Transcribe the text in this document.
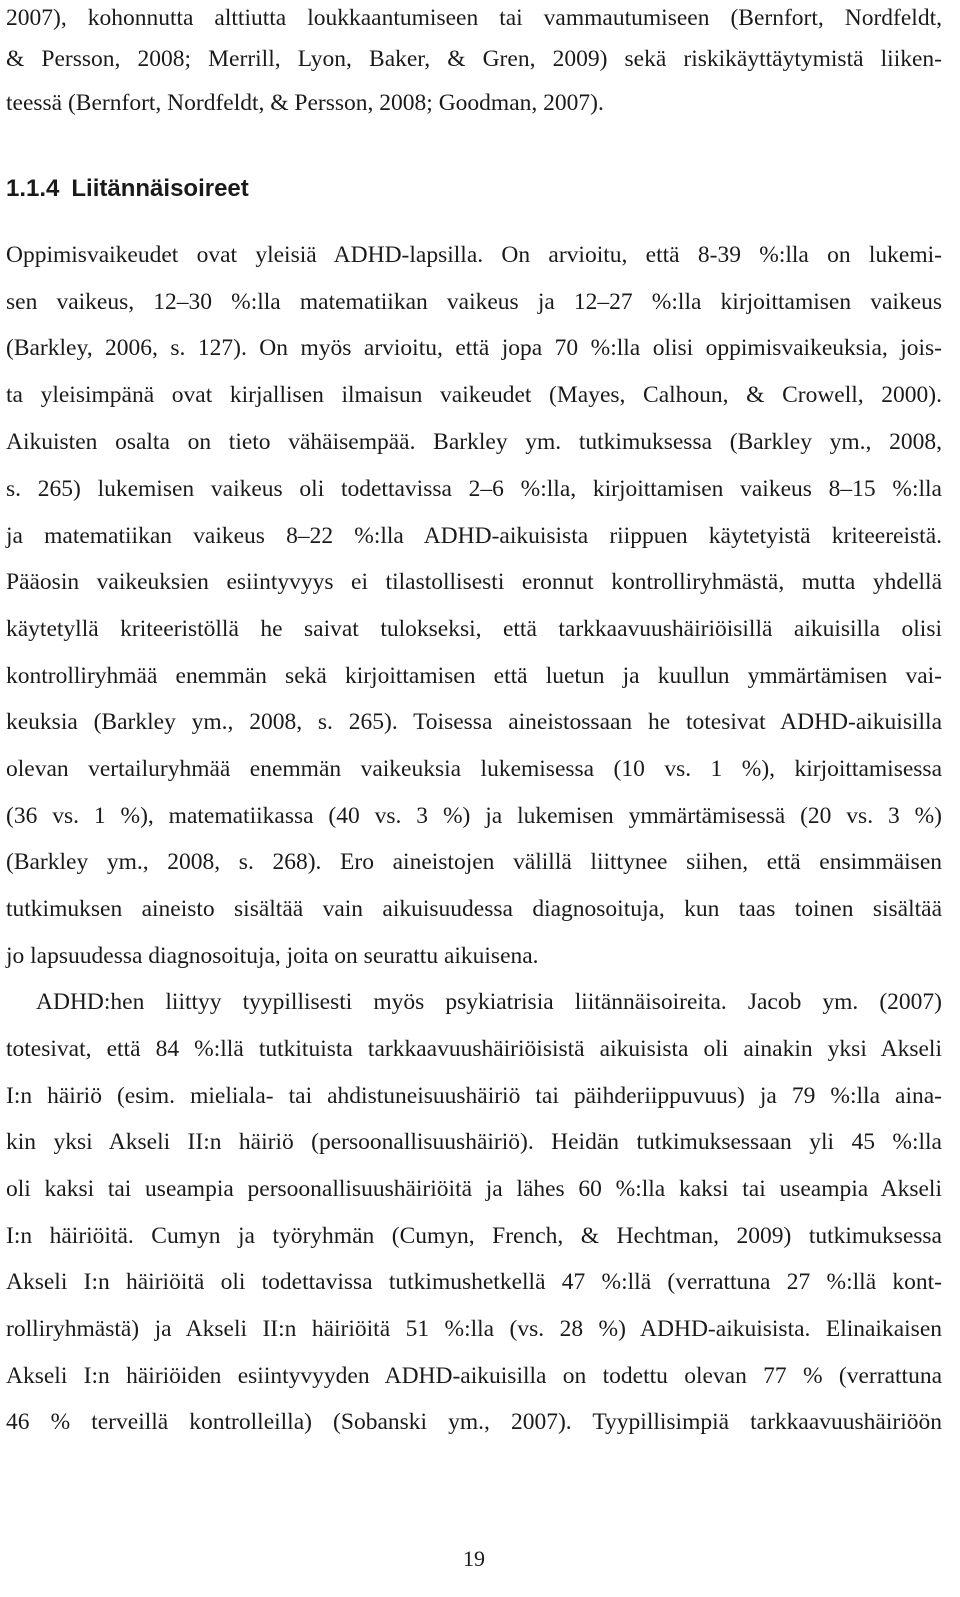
2007), kohonnutta alttiutta loukkaantumiseen tai vammautumiseen (Bernfort, Nordfeldt,
& Persson, 2008; Merrill, Lyon, Baker, & Gren, 2009) sekä riskikäyttäytymistä liiken-
teessä (Bernfort, Nordfeldt, & Persson, 2008; Goodman, 2007).
1.1.4 Liitännäisoireet
Oppimisvaikeudet ovat yleisiä ADHD-lapsilla. On arvioitu, että 8-39 %:lla on lukemi-
sen vaikeus, 12–30 %:lla matematiikan vaikeus ja 12–27 %:lla kirjoittamisen vaikeus
(Barkley, 2006, s. 127). On myös arvioitu, että jopa 70 %:lla olisi oppimisvaikeuksia, jois-
ta yleisimpänä ovat kirjallisen ilmaisun vaikeudet (Mayes, Calhoun, & Crowell, 2000).
Aikuisten osalta on tieto vähäisempää. Barkley ym. tutkimuksessa (Barkley ym., 2008,
s. 265) lukemisen vaikeus oli todettavissa 2–6 %:lla, kirjoittamisen vaikeus 8–15 %:lla
ja matematiikan vaikeus 8–22 %:lla ADHD-aikuisista riippuen käytetyistä kriteereistä.
Pääosin vaikeuksien esiintyvyys ei tilastollisesti eronnut kontrolliryhmästä, mutta yhdellä
käytetyllä kriteeristöllä he saivat tulokseksi, että tarkkaavuushäiriöisillä aikuisilla olisi
kontrolliryhmää enemmän sekä kirjoittamisen että luetun ja kuullun ymmärtämisen vai-
keuksia (Barkley ym., 2008, s. 265). Toisessa aineistossaan he totesivat ADHD-aikuisilla
olevan vertailuryhmää enemmän vaikeuksia lukemisessa (10 vs. 1 %), kirjoittamisessa
(36 vs. 1 %), matematiikassa (40 vs. 3 %) ja lukemisen ymmärtämisessä (20 vs. 3 %)
(Barkley ym., 2008, s. 268). Ero aineistojen välillä liittynee siihen, että ensimmäisen
tutkimuksen aineisto sisältää vain aikuisuudessa diagnosoituja, kun taas toinen sisältää
jo lapsuudessa diagnosoituja, joita on seurattu aikuisena.
ADHD:hen liittyy tyypillisesti myös psykiatrisia liitännäisoireita. Jacob ym. (2007)
totesivat, että 84 %:llä tutkituista tarkkaavuushäiriöisistä aikuisista oli ainakin yksi Akseli
I:n häiriö (esim. mieliala- tai ahdistuneisuushäiriö tai päihderiippuvuus) ja 79 %:lla aina-
kin yksi Akseli II:n häiriö (persoonallisuushäiriö). Heidän tutkimuksessaan yli 45 %:lla
oli kaksi tai useampia persoonallisuushäiriöitä ja lähes 60 %:lla kaksi tai useampia Akseli
I:n häiriöitä. Cumyn ja työryhmän (Cumyn, French, & Hechtman, 2009) tutkimuksessa
Akseli I:n häiriöitä oli todettavissa tutkimushetkellä 47 %:llä (verrattuna 27 %:llä kont-
rolliryhmästä) ja Akseli II:n häiriöitä 51 %:lla (vs. 28 %) ADHD-aikuisista. Elinaikaisen
Akseli I:n häiriöiden esiintyvyyden ADHD-aikuisilla on todettu olevan 77 % (verrattuna
46 % terveillä kontrolleilla) (Sobanski ym., 2007). Tyypillisimpiä tarkkaavuushäiriöön
19
